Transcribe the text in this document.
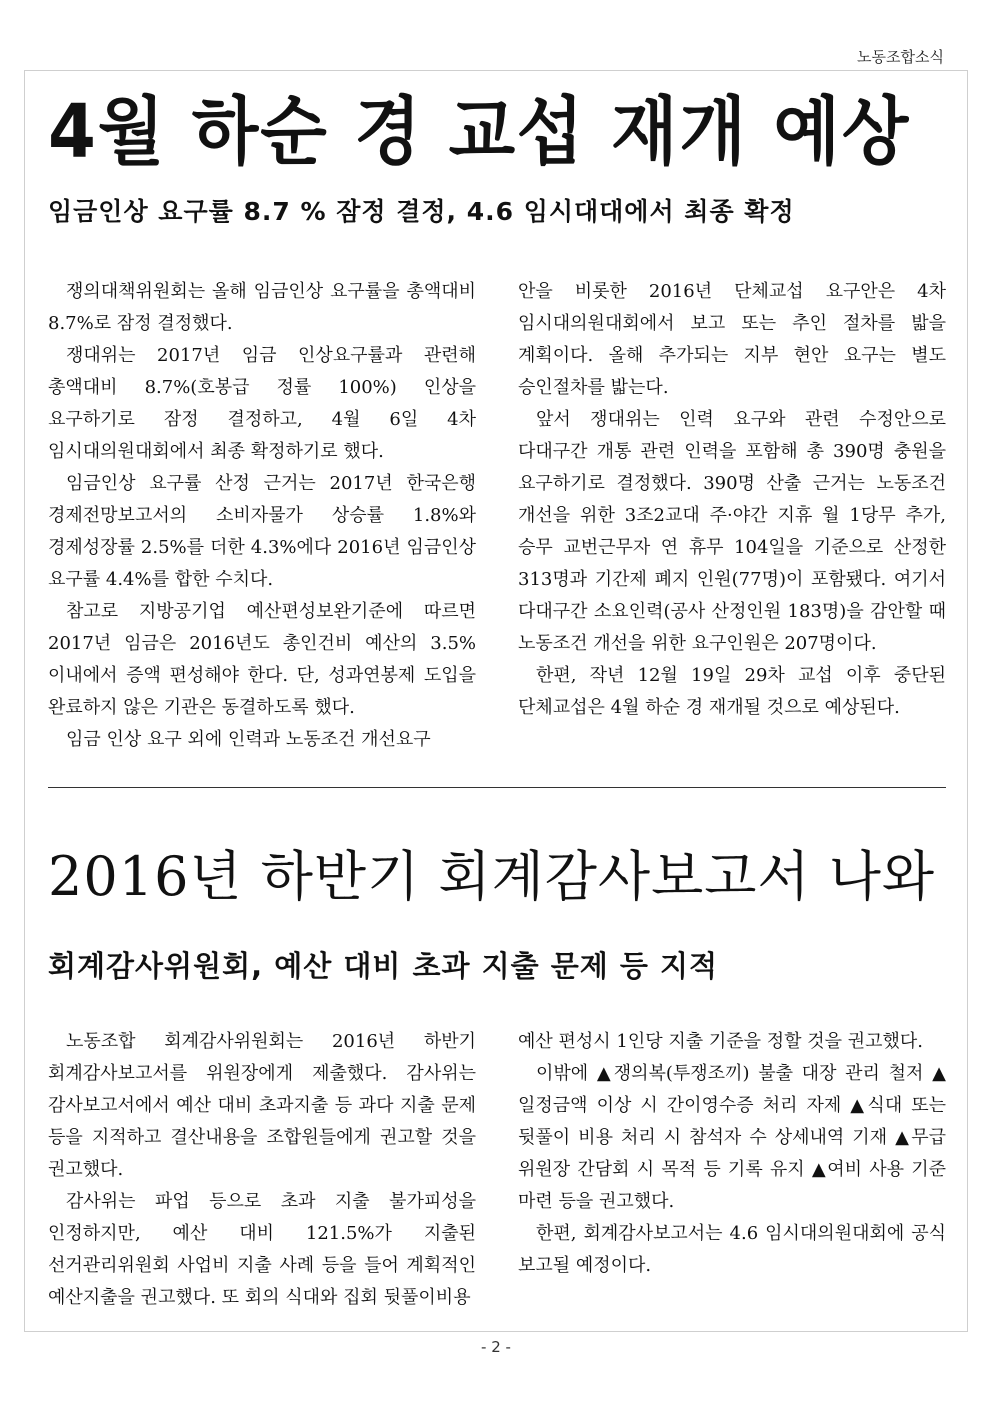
노동조합소식
4월 하순 경 교섭 재개 예상
임금인상 요구률 8.7 % 잠정 결정, 4.6 임시대대에서 최종 확정

쟁의대책위원회는 올해 임금인상 요구률을 총액대비 8.7%로 잠정 결정했다.

쟁대위는 2017년 임금 인상요구률과 관련해 총액대비 8.7%(호봉급 정률 100%) 인상을 요구하기로 잠정 결정하고, 4월 6일 4차 임시대의원대회에서 최종 확정하기로 했다.

임금인상 요구률 산정 근거는 2017년 한국은행 경제전망보고서의 소비자물가 상승률 1.8%와 경제성장률 2.5%를 더한 4.3%에다 2016년 임금인상 요구률 4.4%를 합한 수치다.

참고로 지방공기업 예산편성보완기준에 따르면 2017년 임금은 2016년도 총인건비 예산의 3.5% 이내에서 증액 편성해야 한다. 단, 성과연봉제 도입을 완료하지 않은 기관은 동결하도록 했다.

임금 인상 요구 외에 인력과 노동조건 개선요구

안을 비롯한 2016년 단체교섭 요구안은 4차 임시대의원대회에서 보고 또는 추인 절차를 밟을 계획이다. 올해 추가되는 지부 현안 요구는 별도 승인절차를 밟는다.

앞서 쟁대위는 인력 요구와 관련 수정안으로 다대구간 개통 관련 인력을 포함해 총 390명 충원을 요구하기로 결정했다. 390명 산출 근거는 노동조건 개선을 위한 3조2교대 주·야간 지휴 월 1당무 추가, 승무 교번근무자 연 휴무 104일을 기준으로 산정한 313명과 기간제 폐지 인원(77명)이 포함됐다. 여기서 다대구간 소요인력(공사 산정인원 183명)을 감안할 때 노동조건 개선을 위한 요구인원은 207명이다.

한편, 작년 12월 19일 29차 교섭 이후 중단된 단체교섭은 4월 하순 경 재개될 것으로 예상된다.

2016년 하반기 회계감사보고서 나와
회계감사위원회, 예산 대비 초과 지출 문제 등 지적

노동조합 회계감사위원회는 2016년 하반기 회계감사보고서를 위원장에게 제출했다. 감사위는 감사보고서에서 예산 대비 초과지출 등 과다 지출 문제 등을 지적하고 결산내용을 조합원들에게 권고할 것을 권고했다.

감사위는 파업 등으로 초과 지출 불가피성을 인정하지만, 예산 대비 121.5%가 지출된 선거관리위원회 사업비 지출 사례 등을 들어 계획적인 예산지출을 권고했다. 또 회의 식대와 집회 뒷풀이비용

예산 편성시 1인당 지출 기준을 정할 것을 권고했다.

이밖에 ▲쟁의복(투쟁조끼) 불출 대장 관리 철저 ▲일정금액 이상 시 간이영수증 처리 자제 ▲식대 또는 뒷풀이 비용 처리 시 참석자 수 상세내역 기재 ▲무급 위원장 간담회 시 목적 등 기록 유지 ▲여비 사용 기준 마련 등을 권고했다.

한편, 회계감사보고서는 4.6 임시대의원대회에 공식 보고될 예정이다.

- 2 -
